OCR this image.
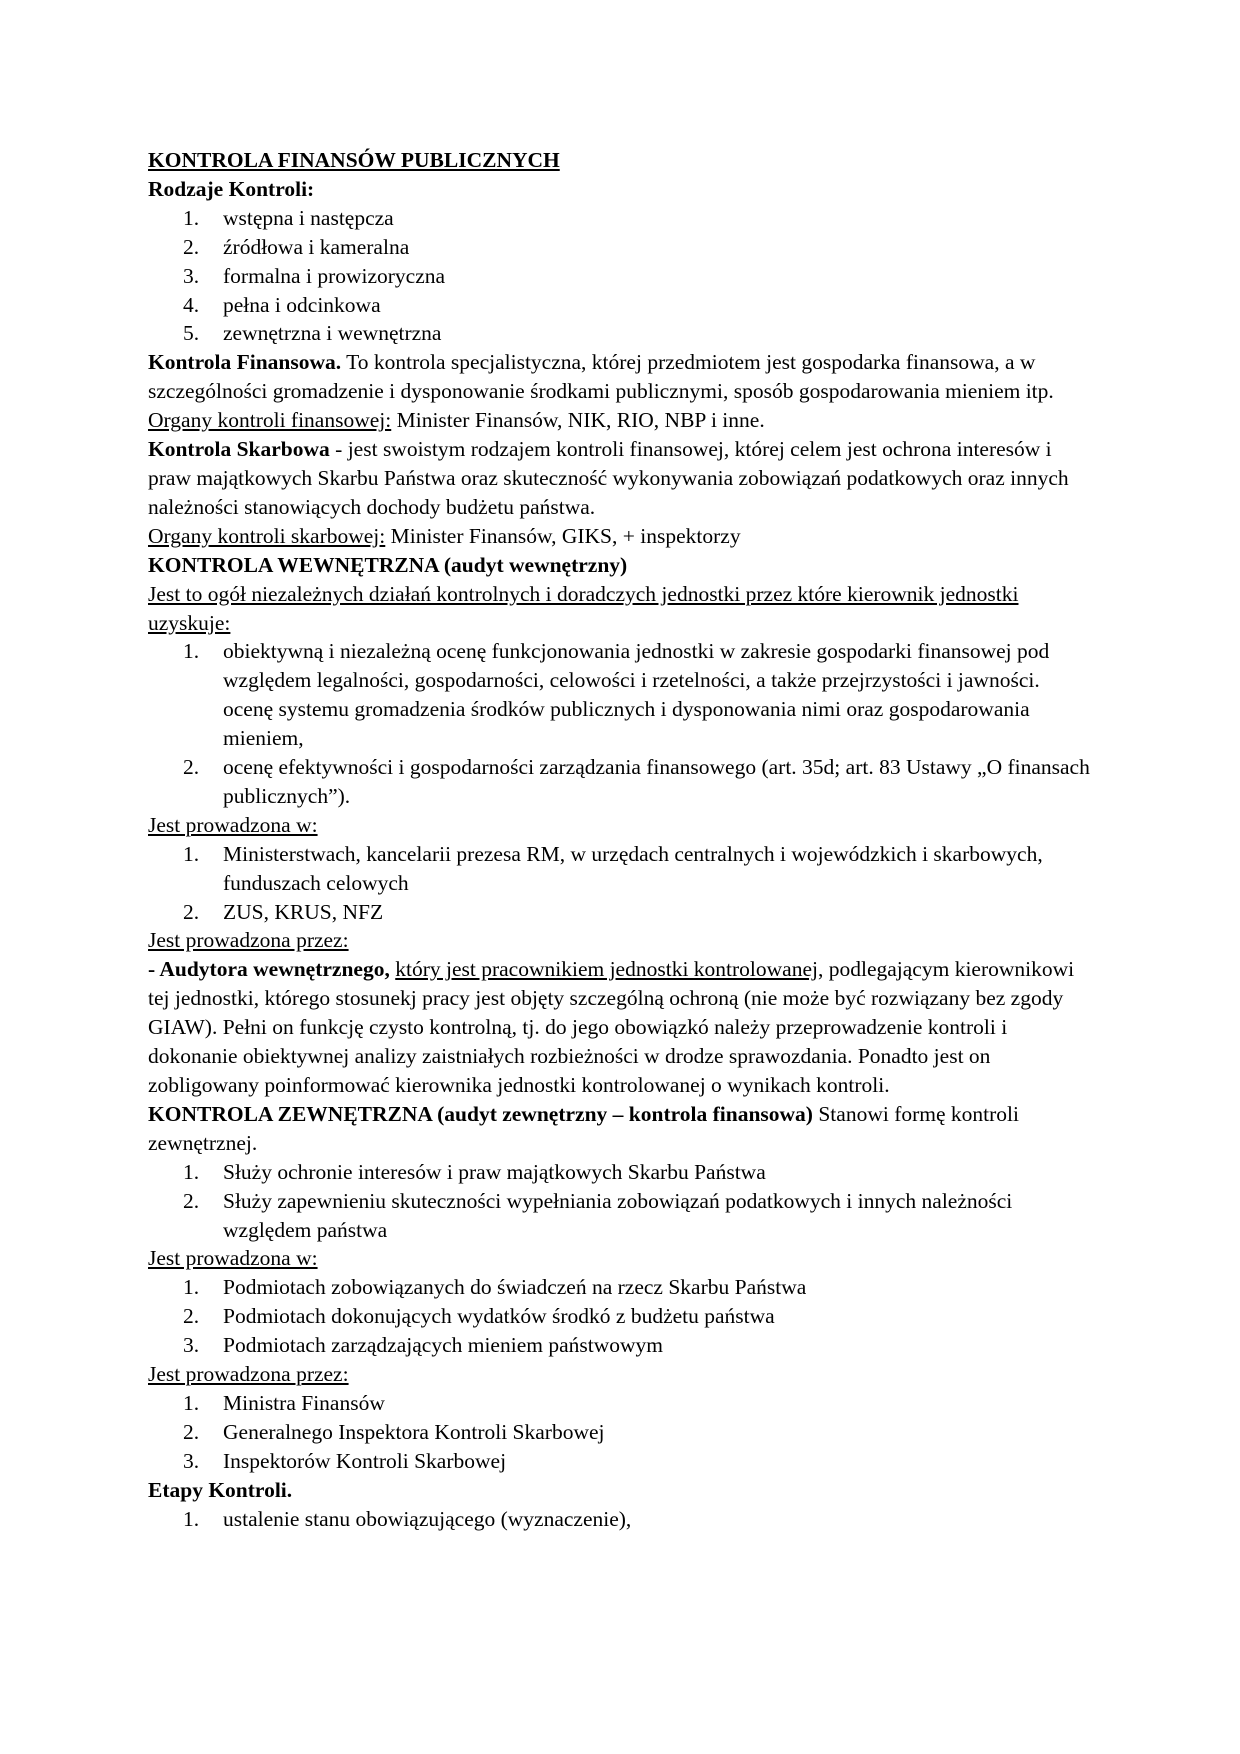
KONTROLA FINANSÓW PUBLICZNYCH

Rodzaje Kontroli:

1. wstępna i następcza
2. źródłowa i kameralna
3. formalna i prowizoryczna
4. pełna i odcinkowa
5. zewnętrzna i wewnętrzna

Kontrola Finansowa. To kontrola specjalistyczna, której przedmiotem jest gospodarka finansowa, a w szczególności gromadzenie i dysponowanie środkami publicznymi, sposób gospodarowania mieniem itp.

Organy kontroli finansowej: Minister Finansów, NIK, RIO, NBP i inne.

Kontrola Skarbowa - jest swoistym rodzajem kontroli finansowej, której celem jest ochrona interesów i praw majątkowych Skarbu Państwa oraz skuteczność wykonywania zobowiązań podatkowych oraz innych należności stanowiących dochody budżetu państwa.

Organy kontroli skarbowej: Minister Finansów, GIKS, + inspektorzy

KONTROLA WEWNĘTRZNA (audyt wewnętrzny)

Jest to ogół niezależnych działań kontrolnych i doradczych jednostki przez które kierownik jednostki uzyskuje:

1. obiektywną i niezależną ocenę funkcjonowania jednostki w zakresie gospodarki finansowej pod względem legalności, gospodarności, celowości i rzetelności, a także przejrzystości i jawności. ocenę systemu gromadzenia środków publicznych i dysponowania nimi oraz gospodarowania mieniem,
2. ocenę efektywności i gospodarności zarządzania finansowego (art. 35d; art. 83 Ustawy „O finansach publicznych”).

Jest prowadzona w:

1. Ministerstwach, kancelarii prezesa RM, w urzędach centralnych i wojewódzkich i skarbowych, funduszach celowych
2. ZUS, KRUS, NFZ

Jest prowadzona przez:

- Audytora wewnętrznego, który jest pracownikiem jednostki kontrolowanej, podlegającym kierownikowi tej jednostki, którego stosunekj pracy jest objęty szczególną ochroną (nie może być rozwiązany bez zgody GIAW). Pełni on funkcję czysto kontrolną, tj. do jego obowiązkó należy przeprowadzenie kontroli i dokonanie obiektywnej analizy zaistniałych rozbieżności w drodze sprawozdania. Ponadto jest on zobligowany poinformować kierownika jednostki kontrolowanej o wynikach kontroli.

KONTROLA ZEWNĘTRZNA (audyt zewnętrzny – kontrola finansowa) Stanowi formę kontroli zewnętrznej.

1. Służy ochronie interesów i praw majątkowych Skarbu Państwa
2. Służy zapewnieniu skuteczności wypełniania zobowiązań podatkowych i innych należności względem państwa

Jest prowadzona w:

1. Podmiotach zobowiązanych do świadczeń na rzecz Skarbu Państwa
2. Podmiotach dokonujących wydatków środkó z budżetu państwa
3. Podmiotach zarządzających mieniem państwowym

Jest prowadzona przez:

1. Ministra Finansów
2. Generalnego Inspektora Kontroli Skarbowej
3. Inspektorów Kontroli Skarbowej

Etapy Kontroli.

1. ustalenie stanu obowiązującego (wyznaczenie),
